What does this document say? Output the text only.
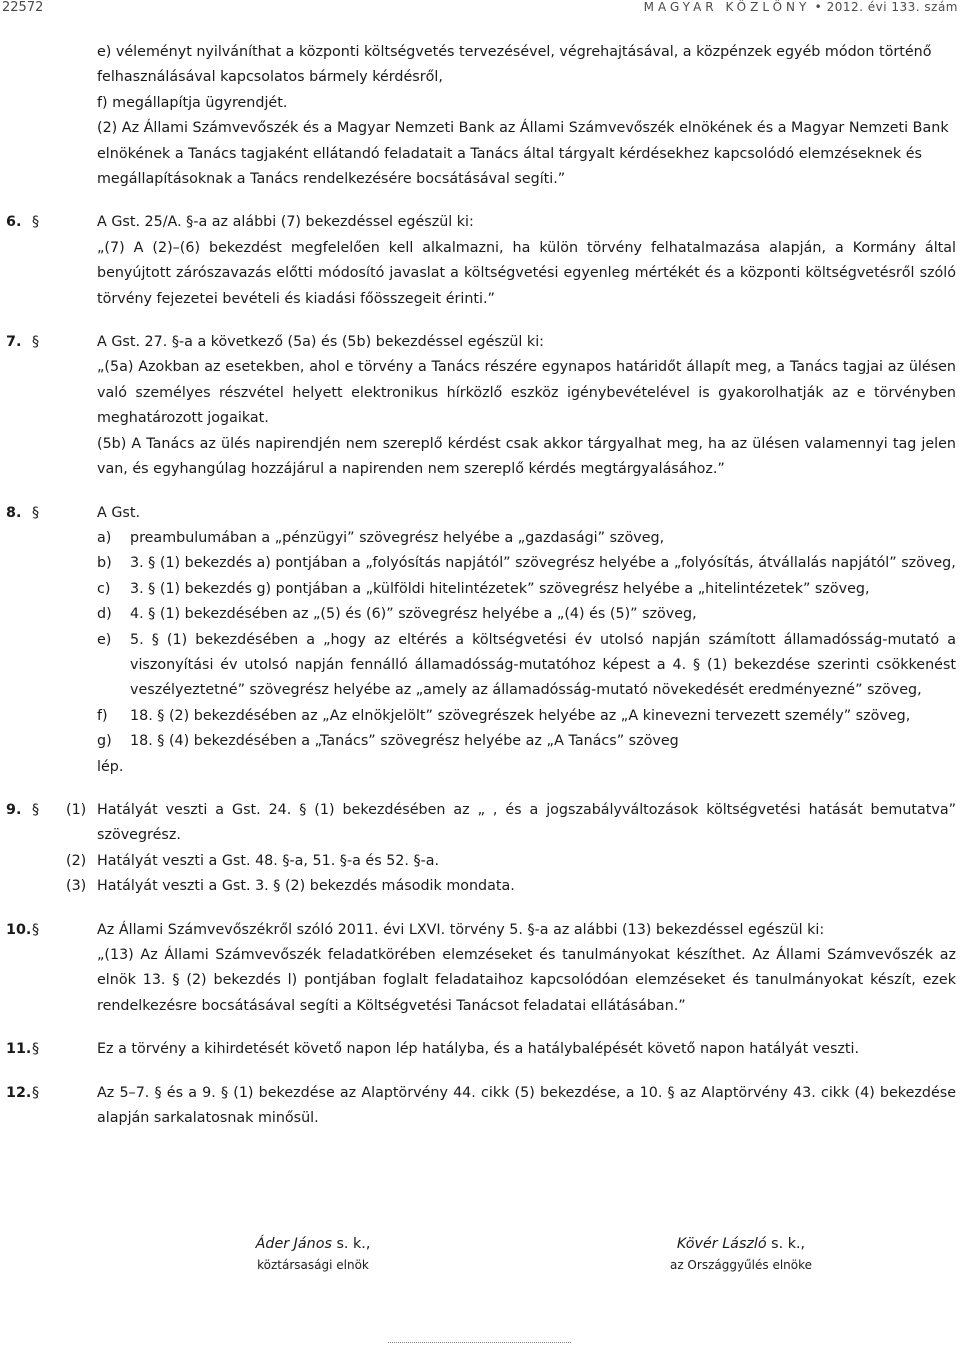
22572	MAGYAR KÖZLÖNY • 2012. évi 133. szám

e) véleményt nyilváníthat a központi költségvetés tervezésével, végrehajtásával, a közpénzek egyéb módon történő felhasználásával kapcsolatos bármely kérdésről,

f) megállapítja ügyrendjét.

(2) Az Állami Számvevőszék és a Magyar Nemzeti Bank az Állami Számvevőszék elnökének és a Magyar Nemzeti Bank elnökének a Tanács tagjaként ellátandó feladatait a Tanács által tárgyalt kérdésekhez kapcsolódó elemzéseknek és megállapításoknak a Tanács rendelkezésére bocsátásával segíti.”

6. §	A Gst. 25/A. §-a az alábbi (7) bekezdéssel egészül ki:

„(7) A (2)–(6) bekezdést megfelelően kell alkalmazni, ha külön törvény felhatalmazása alapján, a Kormány által benyújtott zárószavazás előtti módosító javaslat a költségvetési egyenleg mértékét és a központi költségvetésről szóló törvény fejezetei bevételi és kiadási főösszegeit érinti.”

7. §	A Gst. 27. §-a a következő (5a) és (5b) bekezdéssel egészül ki:

„(5a) Azokban az esetekben, ahol e törvény a Tanács részére egynapos határidőt állapít meg, a Tanács tagjai az ülésen való személyes részvétel helyett elektronikus hírközlő eszköz igénybevételével is gyakorolhatják az e törvényben meghatározott jogaikat.

(5b) A Tanács az ülés napirendjén nem szereplő kérdést csak akkor tárgyalhat meg, ha az ülésen valamennyi tag jelen van, és egyhangúlag hozzájárul a napirenden nem szereplő kérdés megtárgyalásához.”

8. §	A Gst.

a) preambulumában a „pénzügyi” szövegrész helyébe a „gazdasági” szöveg,
b) 3. § (1) bekezdés a) pontjában a „folyósítás napjától” szövegrész helyébe a „folyósítás, átvállalás napjától” szöveg,
c) 3. § (1) bekezdés g) pontjában a „külföldi hitelintézetek” szövegrész helyébe a „hitelintézetek” szöveg,
d) 4. § (1) bekezdésében az „(5) és (6)” szövegrész helyébe a „(4) és (5)” szöveg,
e) 5. § (1) bekezdésében a „hogy az eltérés a költségvetési év utolsó napján számított államadósság-mutató a viszonyítási év utolsó napján fennálló államadósság-mutatóhoz képest a 4. § (1) bekezdése szerinti csökkenést veszélyeztetné” szövegrész helyébe az „amely az államadósság-mutató növekedését eredményezné” szöveg,
f) 18. § (2) bekezdésében az „Az elnökjelölt” szövegrészek helyébe az „A kinevezni tervezett személy” szöveg,
g) 18. § (4) bekezdésében a „Tanács” szövegrész helyébe az „A Tanács” szöveg

lép.

9. § (1) Hatályát veszti a Gst. 24. § (1) bekezdésében az „ , és a jogszabályváltozások költségvetési hatását bemutatva” szövegrész.
(2) Hatályát veszti a Gst. 48. §-a, 51. §-a és 52. §-a.
(3) Hatályát veszti a Gst. 3. § (2) bekezdés második mondata.
10. §	Az Állami Számvevőszékről szóló 2011. évi LXVI. törvény 5. §-a az alábbi (13) bekezdéssel egészül ki:

„(13) Az Állami Számvevőszék feladatkörében elemzéseket és tanulmányokat készíthet. Az Állami Számvevőszék az elnök 13. § (2) bekezdés l) pontjában foglalt feladataihoz kapcsolódóan elemzéseket és tanulmányokat készít, ezek rendelkezésre bocsátásával segíti a Költségvetési Tanácsot feladatai ellátásában.”

11. §	Ez a törvény a kihirdetését követő napon lép hatályba, és a hatálybalépését követő napon hatályát veszti.

12. §	Az 5–7. § és a 9. § (1) bekezdése az Alaptörvény 44. cikk (5) bekezdése, a 10. § az Alaptörvény 43. cikk (4) bekezdése alapján sarkalatosnak minősül.

Áder János s. k.,
köztársasági elnök
Kövér László s. k.,
az Országgyűlés elnöke
